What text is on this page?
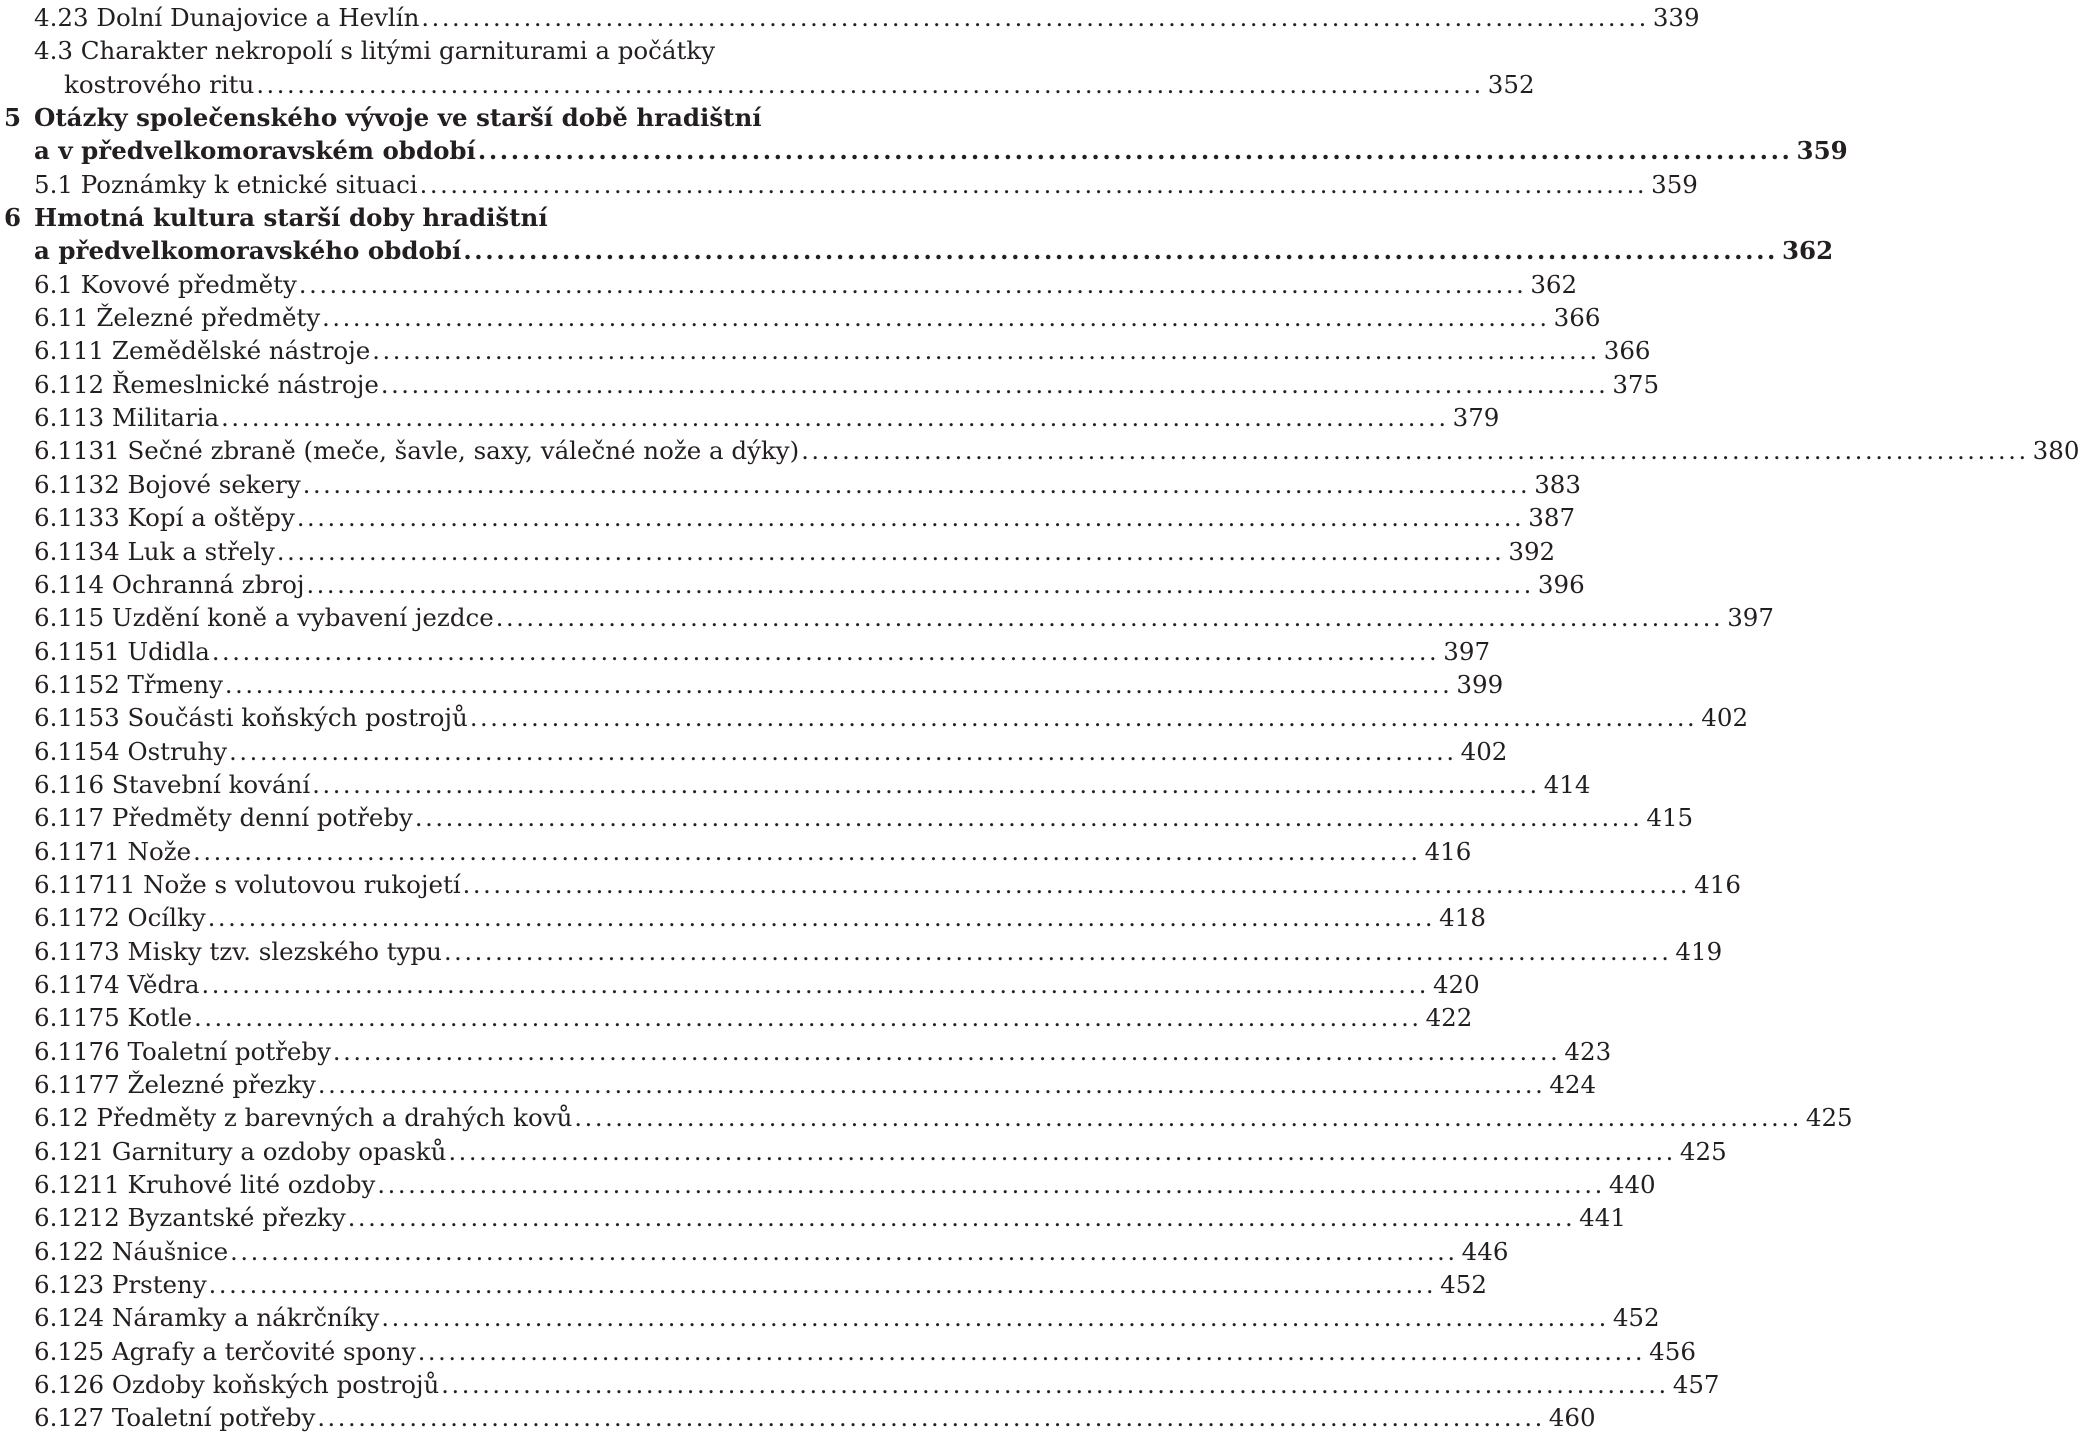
4.23 Dolní Dunajovice a Hevlín ........................................................................................................................ 339
4.3 Charakter nekropolí s litými garniturami a počátky
kostrového ritu ........................................................................................................................ 352
5 Otázky společenského vývoje ve starší době hradištní
a v předvelkomoravském období ........................................................................................................................ 359
5.1 Poznámky k etnické situaci ........................................................................................................................ 359
6 Hmotná kultura starší doby hradištní
a předvelkomoravského období ........................................................................................................................ 362
6.1 Kovové předměty ........................................................................................................................ 362
6.11 Železné předměty ........................................................................................................................ 366
6.111 Zemědělské nástroje ........................................................................................................................ 366
6.112 Řemeslnické nástroje ........................................................................................................................ 375
6.113 Militaria ........................................................................................................................ 379
6.1131 Sečné zbraně (meče, šavle, saxy, válečné nože a dýky) ........................................................................................................................ 380
6.1132 Bojové sekery ........................................................................................................................ 383
6.1133 Kopí a oštěpy ........................................................................................................................ 387
6.1134 Luk a střely ........................................................................................................................ 392
6.114 Ochranná zbroj ........................................................................................................................ 396
6.115 Uzdění koně a vybavení jezdce ........................................................................................................................ 397
6.1151 Udidla ........................................................................................................................ 397
6.1152 Třmeny ........................................................................................................................ 399
6.1153 Součásti koňských postrojů ........................................................................................................................ 402
6.1154 Ostruhy ........................................................................................................................ 402
6.116 Stavební kování ........................................................................................................................ 414
6.117 Předměty denní potřeby ........................................................................................................................ 415
6.1171 Nože ........................................................................................................................ 416
6.11711 Nože s volutovou rukojetí ........................................................................................................................ 416
6.1172 Ocílky ........................................................................................................................ 418
6.1173 Misky tzv. slezského typu ........................................................................................................................ 419
6.1174 Vědra ........................................................................................................................ 420
6.1175 Kotle ........................................................................................................................ 422
6.1176 Toaletní potřeby ........................................................................................................................ 423
6.1177 Železné přezky ........................................................................................................................ 424
6.12 Předměty z barevných a drahých kovů ........................................................................................................................ 425
6.121 Garnitury a ozdoby opasků ........................................................................................................................ 425
6.1211 Kruhové lité ozdoby ........................................................................................................................ 440
6.1212 Byzantské přezky ........................................................................................................................ 441
6.122 Náušnice ........................................................................................................................ 446
6.123 Prsteny ........................................................................................................................ 452
6.124 Náramky a nákrčníky ........................................................................................................................ 452
6.125 Agrafy a terčovité spony ........................................................................................................................ 456
6.126 Ozdoby koňských postrojů ........................................................................................................................ 457
6.127 Toaletní potřeby ........................................................................................................................ 460
